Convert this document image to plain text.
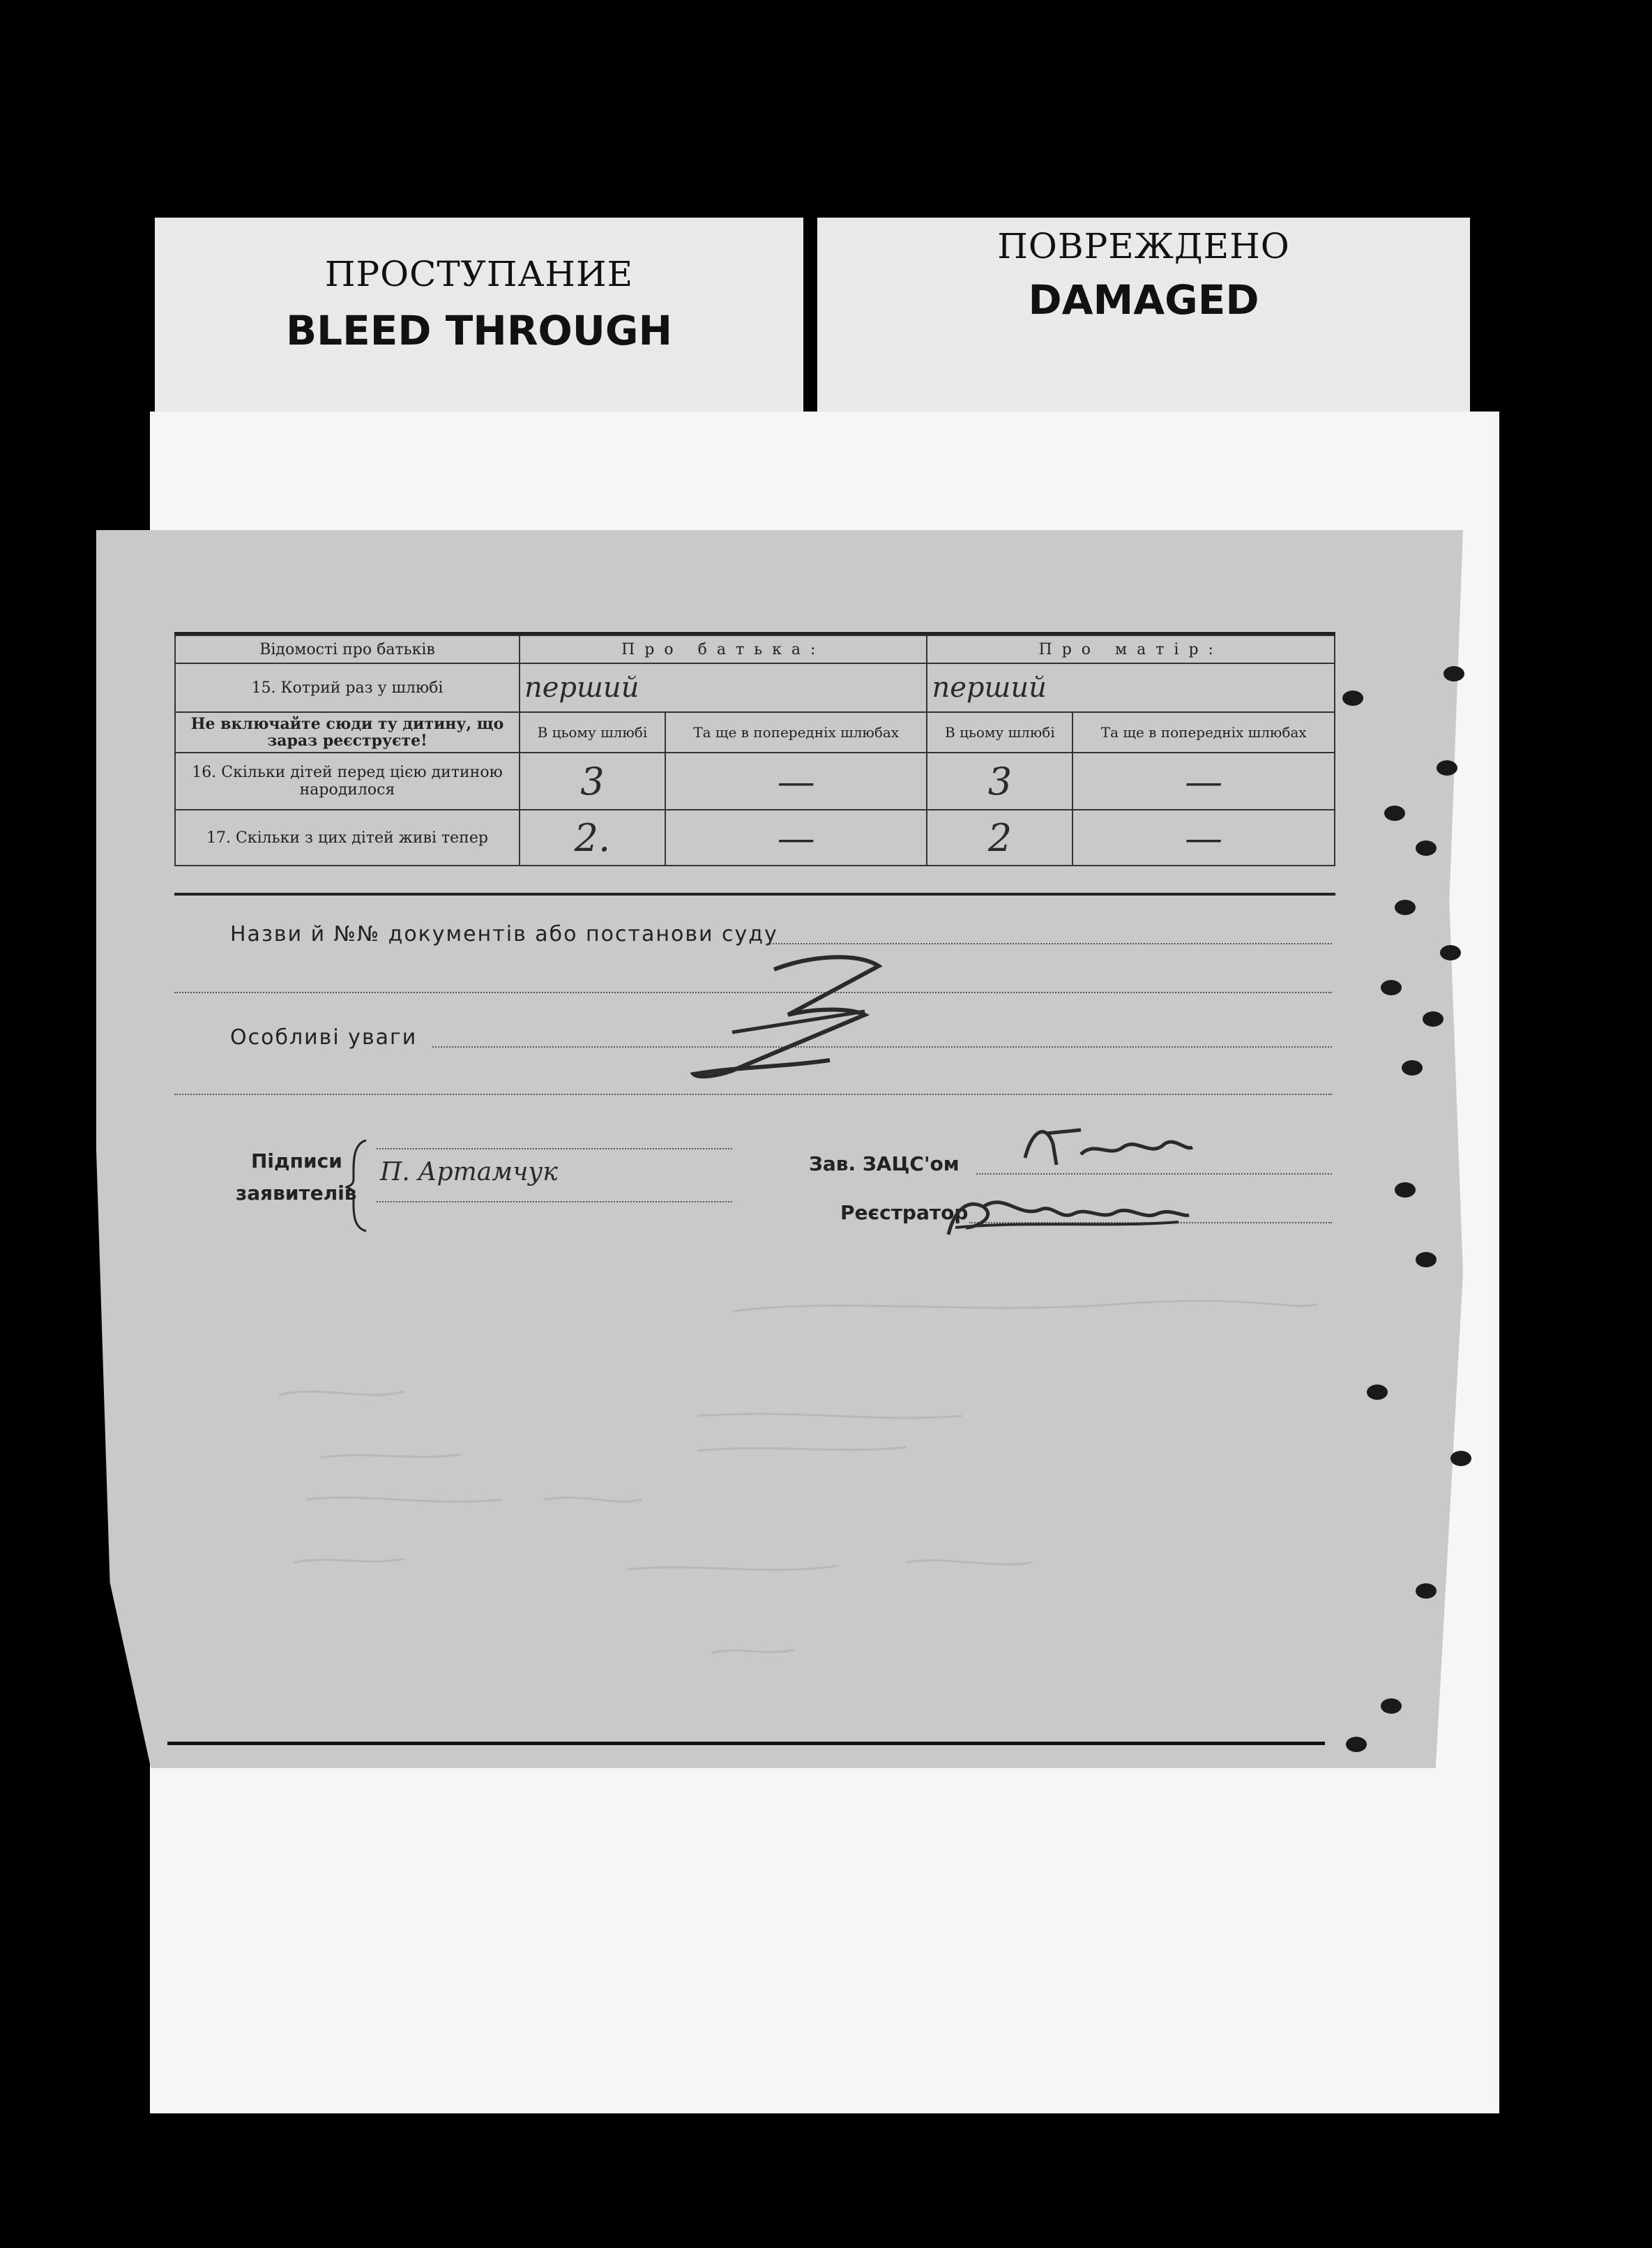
ПРОСТУПАНИЕ
BLEED THROUGH
ПОВРЕЖДЕНО
DAMAGED
Відомості про батьків	Про батька:		Про матір:	
15. Котрий раз у шлюбі	перший		перший	
Не включайте сюди ту дитину, що зараз реєструєте!	В цьому шлюбі	Та ще в попередніх шлюбах	В цьому шлюбі	Та ще в попередніх шлюбах
16. Скільки дітей перед цією дитиною народилося	3	—	3	—
17. Скільки з цих дітей живі тепер	2.	—	2	—
Назви й №№ документів або постанови суду
Особливі уваги
Підписи
заявителів
П. Артамчук	Зав. ЗАЦС'ом
Реєстратор
